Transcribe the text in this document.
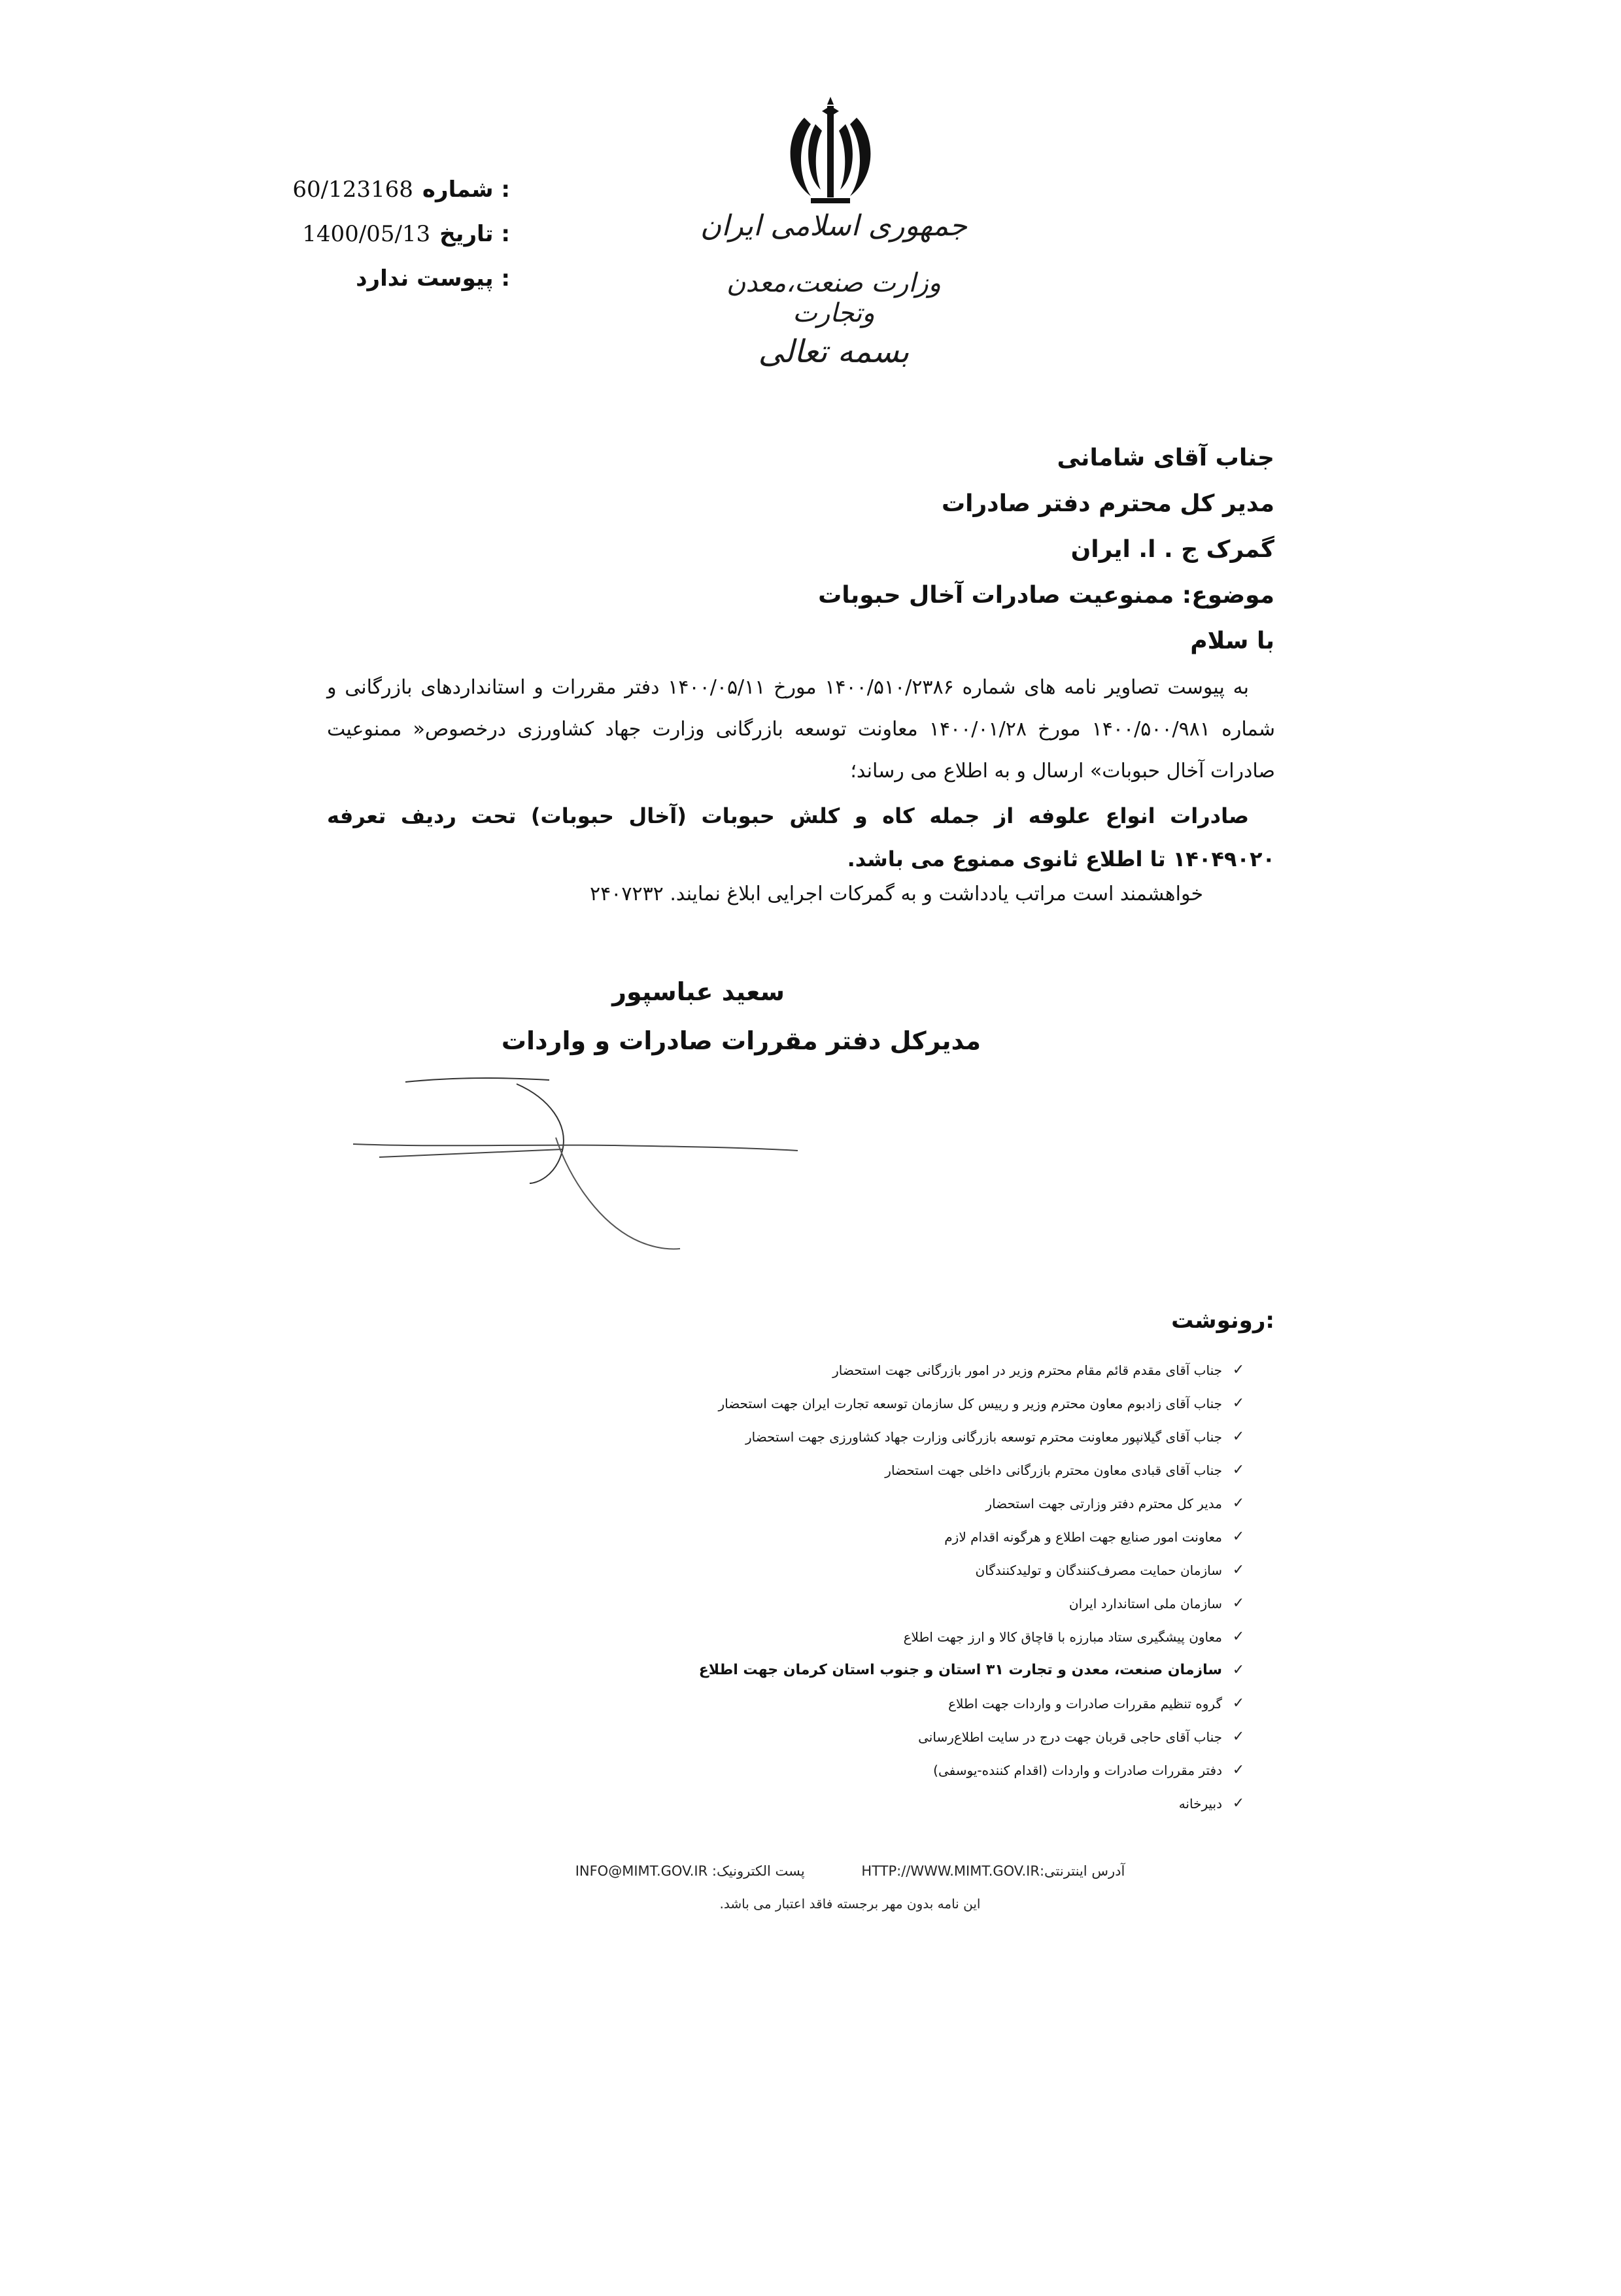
60/123168 شماره :
1400/05/13 تاریخ :
ندارد پیوست :
جمهوری اسلامی ایران
وزارت صنعت،معدن وتجارت
بسمه تعالی
جناب آقای شامانی
مدیر کل محترم دفتر صادرات
گمرک ج . ا. ایران
موضوع: ممنوعیت صادرات آخال حبوبات
با سلام
به پیوست تصاویر نامه های شماره ۱۴۰۰/۵۱۰/۲۳۸۶ مورخ ۱۴۰۰/۰۵/۱۱ دفتر مقررات و استانداردهای بازرگانی و شماره ۱۴۰۰/۵۰۰/۹۸۱ مورخ ۱۴۰۰/۰۱/۲۸ معاونت توسعه بازرگانی وزارت جهاد کشاورزی درخصوص« ممنوعیت صادرات آخال حبوبات» ارسال و به اطلاع می رساند؛
صادرات انواع علوفه از جمله کاه و کلش حبوبات (آخال حبوبات) تحت ردیف تعرفه ۱۴۰۴۹۰۲۰ تا اطلاع ثانوی ممنوع می باشد.
خواهشمند است مراتب یادداشت و به گمرکات اجرایی ابلاغ نمایند. ۲۴۰۷۲۳۲
سعید عباسپور
مدیرکل دفتر مقررات صادرات و واردات
رونوشت:
✓
جناب آقای مقدم قائم مقام محترم وزیر در امور بازرگانی جهت استحضار
✓
جناب آقای زادبوم معاون محترم وزیر و رییس کل سازمان توسعه تجارت ایران جهت استحضار
✓
جناب آقای گیلانپور معاونت محترم توسعه بازرگانی وزارت جهاد کشاورزی جهت استحضار
✓
جناب آقای قبادی معاون محترم بازرگانی داخلی جهت استحضار
✓
مدیر کل محترم دفتر وزارتی جهت استحضار
✓
معاونت امور صنایع جهت اطلاع و هرگونه اقدام لازم
✓
سازمان حمایت مصرف‌کنندگان و تولیدکنندگان
✓
سازمان ملی استاندارد ایران
✓
معاون پیشگیری ستاد مبارزه با قاچاق کالا و ارز جهت اطلاع
✓
سازمان صنعت، معدن و تجارت ۳۱ استان و جنوب استان کرمان جهت اطلاع
✓
گروه تنظیم مقررات صادرات و واردات جهت اطلاع
✓
جناب آقای حاجی قربان جهت درج در سایت اطلاع‌رسانی
✓
دفتر مقررات صادرات و واردات (اقدام کننده-یوسفی)
✓
دبیرخانه
آدرس اینترنتی:HTTP://WWW.MIMT.GOV.IR پست الکترونیک: INFO@MIMT.GOV.IR
این نامه بدون مهر برجسته فاقد اعتبار می باشد.
